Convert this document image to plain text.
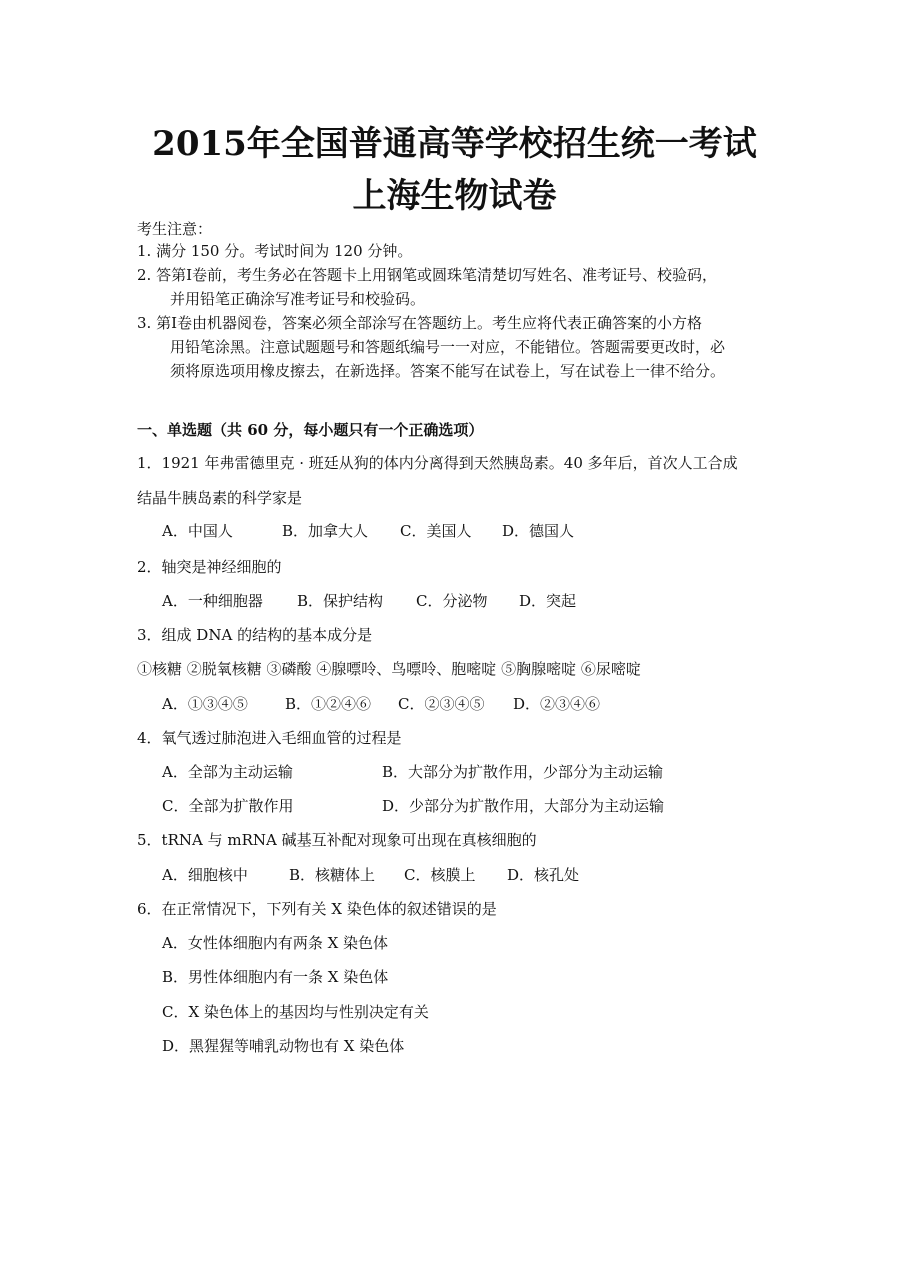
2015年全国普通高等学校招生统一考试
上海生物试卷
考生注意：
1. 满分 150 分。考试时间为 120 分钟。
2. 答第Ⅰ卷前，考生务必在答题卡上用钢笔或圆珠笔清楚切写姓名、准考证号、校验码，
并用铅笔正确涂写准考证号和校验码。
3. 第Ⅰ卷由机器阅卷，答案必须全部涂写在答题纺上。考生应将代表正确答案的小方格
用铅笔涂黑。注意试题题号和答题纸编号一一对应，不能错位。答题需要更改时，必
须将原选项用橡皮擦去，在新选择。答案不能写在试卷上，写在试卷上一律不给分。
一、单选题（共 60 分，每小题只有一个正确选项）
1．1921 年弗雷德里克 · 班廷从狗的体内分离得到天然胰岛素。40 多年后，首次人工合成
结晶牛胰岛素的科学家是
A．中国人	B．加拿大人 C．美国人 D．德国人
2．轴突是神经细胞的
A．一种细胞器 B．保护结构 C．分泌物 D．突起
3．组成 DNA 的结构的基本成分是
①核糖 ②脱氧核糖 ③磷酸 ④腺嘌呤、鸟嘌呤、胞嘧啶 ⑤胸腺嘧啶 ⑥尿嘧啶
A．①③④⑤ B．①②④⑥ C．②③④⑤ D．②③④⑥
4．氧气透过肺泡进入毛细血管的过程是
A．全部为主动运输	B．大部分为扩散作用，少部分为主动运输
C．全部为扩散作用	D．少部分为扩散作用，大部分为主动运输
5．tRNA 与 mRNA 碱基互补配对现象可出现在真核细胞的
A．细胞核中	B．核糖体上 C．核膜上 D．核孔处
6．在正常情况下，下列有关 X 染色体的叙述错误的是
A．女性体细胞内有两条 X 染色体
B．男性体细胞内有一条 X 染色体
C．X 染色体上的基因均与性别决定有关
D．黑猩猩等哺乳动物也有 X 染色体
